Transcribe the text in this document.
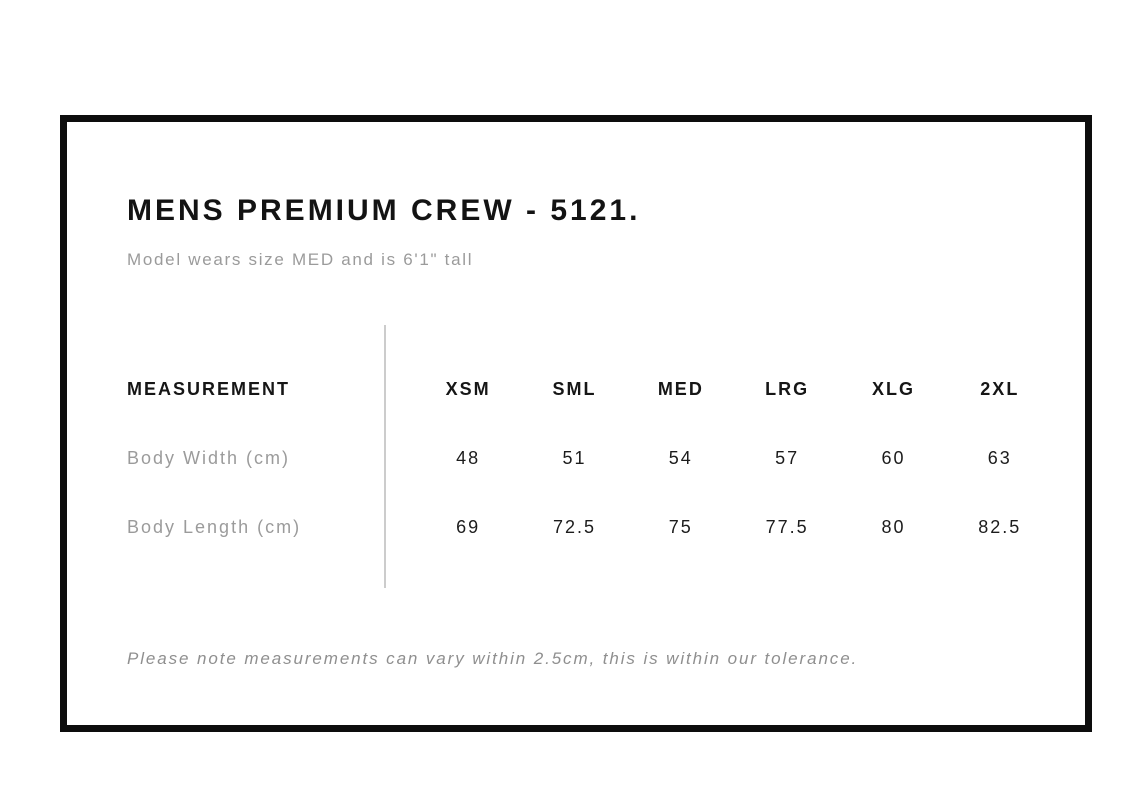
MENS PREMIUM CREW - 5121.

Model wears size MED and is 6'1" tall

MEASUREMENT	XSM	SML	MED	LRG	XLG	2XL
Body Width (cm)	48	51	54	57	60	63
Body Length (cm)	69	72.5	75	77.5	80	82.5

Please note measurements can vary within 2.5cm, this is within our tolerance.
